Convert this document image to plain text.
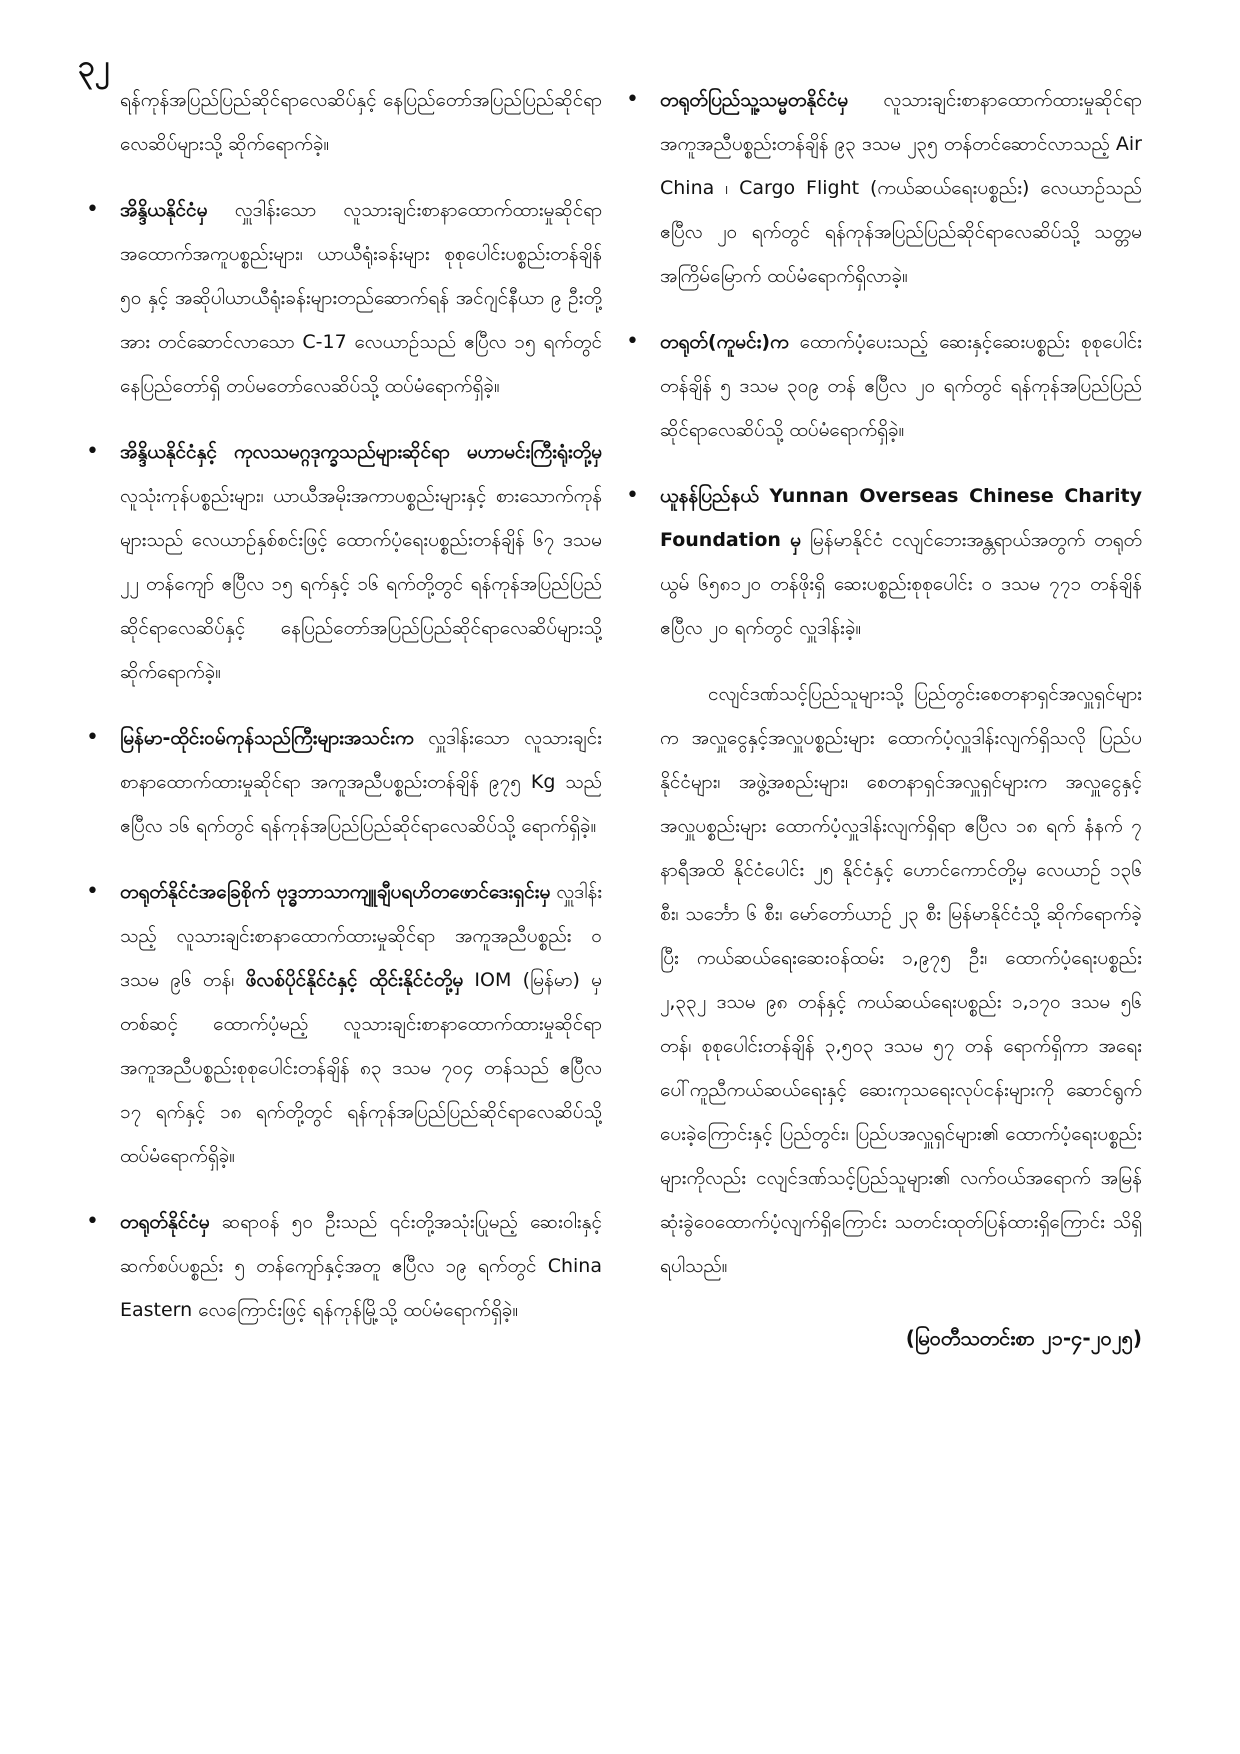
၃၂

ရန်ကုန်အပြည်ပြည်ဆိုင်ရာလေဆိပ်နှင့် နေပြည်တော်အပြည်ပြည်ဆိုင်ရာလေဆိပ်များသို့ ဆိုက်ရောက်ခဲ့။

• အိန္ဒိယနိုင်ငံမှ လှူဒါန်းသော လူသားချင်းစာနာထောက်ထားမှုဆိုင်ရာ အထောက်အကူပစ္စည်းများ၊ ယာယီရုံးခန်းများ စုစုပေါင်းပစ္စည်းတန်ချိန် ၅၀ နှင့် အဆိုပါယာယီရုံးခန်းများတည်ဆောက်ရန် အင်ဂျင်နီယာ ၉ ဦးတို့အား တင်ဆောင်လာသော C-17 လေယာဉ်သည် ဧပြီလ ၁၅ ရက်တွင် နေပြည်တော်ရှိ တပ်မတော်လေဆိပ်သို့ ထပ်မံရောက်ရှိခဲ့။
• အိန္ဒိယနိုင်ငံနှင့် ကုလသမဂ္ဂဒုက္ခသည်များဆိုင်ရာ မဟာမင်းကြီးရုံးတို့မှ လူသုံးကုန်ပစ္စည်းများ၊ ယာယီအမိုးအကာပစ္စည်းများနှင့် စားသောက်ကုန်များသည် လေယာဉ်နှစ်စင်းဖြင့် ထောက်ပံ့ရေးပစ္စည်းတန်ချိန် ၆၇ ဒသမ ၂၂ တန်ကျော် ဧပြီလ ၁၅ ရက်နှင့် ၁၆ ရက်တို့တွင် ရန်ကုန်အပြည်ပြည်ဆိုင်ရာလေဆိပ်နှင့် နေပြည်တော်အပြည်ပြည်ဆိုင်ရာလေဆိပ်များသို့ ဆိုက်ရောက်ခဲ့။
• မြန်မာ-ထိုင်းဝမ်ကုန်သည်ကြီးများအသင်းက လှူဒါန်းသော လူသားချင်းစာနာထောက်ထားမှုဆိုင်ရာ အကူအညီပစ္စည်းတန်ချိန် ၉၇၅ Kg သည် ဧပြီလ ၁၆ ရက်တွင် ရန်ကုန်အပြည်ပြည်ဆိုင်ရာလေဆိပ်သို့ ရောက်ရှိခဲ့။
• တရုတ်နိုင်ငံအခြေစိုက် ဗုဒ္ဓဘာသာကျူချီပရဟိတဖောင်ဒေးရှင်းမှ လှူဒါန်းသည့် လူသားချင်းစာနာထောက်ထားမှုဆိုင်ရာ အကူအညီပစ္စည်း ၀ ဒသမ ၉၆ တန်၊ ဖိလစ်ပိုင်နိုင်ငံနှင့် ထိုင်းနိုင်ငံတို့မှ IOM (မြန်မာ) မှတစ်ဆင့် ထောက်ပံ့မည့် လူသားချင်းစာနာထောက်ထားမှုဆိုင်ရာ အကူအညီပစ္စည်းစုစုပေါင်းတန်ချိန် ၈၃ ဒသမ ၇၀၄ တန်သည် ဧပြီလ ၁၇ ရက်နှင့် ၁၈ ရက်တို့တွင် ရန်ကုန်အပြည်ပြည်ဆိုင်ရာလေဆိပ်သို့ ထပ်မံရောက်ရှိခဲ့။
• တရုတ်နိုင်ငံမှ ဆရာဝန် ၅၀ ဦးသည် ၎င်းတို့အသုံးပြုမည့် ဆေးဝါးနှင့်ဆက်စပ်ပစ္စည်း ၅ တန်ကျော်နှင့်အတူ ဧပြီလ ၁၉ ရက်တွင် China Eastern လေကြောင်းဖြင့် ရန်ကုန်မြို့သို့ ထပ်မံရောက်ရှိခဲ့။
• တရုတ်ပြည်သူ့သမ္မတနိုင်ငံမှ လူသားချင်းစာနာထောက်ထားမှုဆိုင်ရာ အကူအညီပစ္စည်းတန်ချိန် ၉၃ ဒသမ ၂၃၅ တန်တင်ဆောင်လာသည့် Air China ၊ Cargo Flight (ကယ်ဆယ်ရေးပစ္စည်း) လေယာဉ်သည် ဧပြီလ ၂၀ ရက်တွင် ရန်ကုန်အပြည်ပြည်ဆိုင်ရာလေဆိပ်သို့ သတ္တမအကြိမ်မြောက် ထပ်မံရောက်ရှိလာခဲ့။
• တရုတ်(ကူမင်း)က ထောက်ပံ့ပေးသည့် ဆေးနှင့်ဆေးပစ္စည်း စုစုပေါင်းတန်ချိန် ၅ ဒသမ ၃၀၉ တန် ဧပြီလ ၂၀ ရက်တွင် ရန်ကုန်အပြည်ပြည်ဆိုင်ရာလေဆိပ်သို့ ထပ်မံရောက်ရှိခဲ့။
• ယူနန်ပြည်နယ် Yunnan Overseas Chinese Charity Foundation မှ မြန်မာနိုင်ငံ ငလျင်ဘေးအန္တရာယ်အတွက် တရုတ်ယွမ် ၆၅၈၁၂၀ တန်ဖိုးရှိ ဆေးပစ္စည်းစုစုပေါင်း ၀ ဒသမ ၇၇၁ တန်ချိန် ဧပြီလ ၂၀ ရက်တွင် လှူဒါန်းခဲ့။

ငလျင်ဒဏ်သင့်ပြည်သူများသို့ ပြည်တွင်းစေတနာရှင်အလှူရှင်များက အလှူငွေနှင့်အလှူပစ္စည်းများ ထောက်ပံ့လှူဒါန်းလျက်ရှိသလို ပြည်ပနိုင်ငံများ၊ အဖွဲ့အစည်းများ၊ စေတနာရှင်အလှူရှင်များက အလှူငွေနှင့် အလှူပစ္စည်းများ ထောက်ပံ့လှူဒါန်းလျက်ရှိရာ ဧပြီလ ၁၈ ရက် နံနက် ၇ နာရီအထိ နိုင်ငံပေါင်း ၂၅ နိုင်ငံနှင့် ဟောင်ကောင်တို့မှ လေယာဉ် ၁၃၆ စီး၊ သင်္ဘော ၆ စီး၊ မော်တော်ယာဉ် ၂၃ စီး မြန်မာနိုင်ငံသို့ ဆိုက်ရောက်ခဲ့ပြီး ကယ်ဆယ်ရေးဆေးဝန်ထမ်း ၁,၉၇၅ ဦး၊ ထောက်ပံ့ရေးပစ္စည်း ၂,၃၃၂ ဒသမ ၉၈ တန်နှင့် ကယ်ဆယ်ရေးပစ္စည်း ၁,၁၇၀ ဒသမ ၅၆ တန်၊ စုစုပေါင်းတန်ချိန် ၃,၅၀၃ ဒသမ ၅၇ တန် ရောက်ရှိကာ အရေးပေါ်ကူညီကယ်ဆယ်ရေးနှင့် ဆေးကုသရေးလုပ်ငန်းများကို ဆောင်ရွက်ပေးခဲ့ကြောင်းနှင့် ပြည်တွင်း၊ ပြည်ပအလှူရှင်များ၏ ထောက်ပံ့ရေးပစ္စည်းများကိုလည်း ငလျင်ဒဏ်သင့်ပြည်သူများ၏ လက်ဝယ်အရောက် အမြန်ဆုံးခွဲဝေထောက်ပံ့လျက်ရှိကြောင်း သတင်းထုတ်ပြန်ထားရှိကြောင်း သိရှိရပါသည်။

(မြဝတီသတင်းစာ ၂၁-၄-၂၀၂၅)
